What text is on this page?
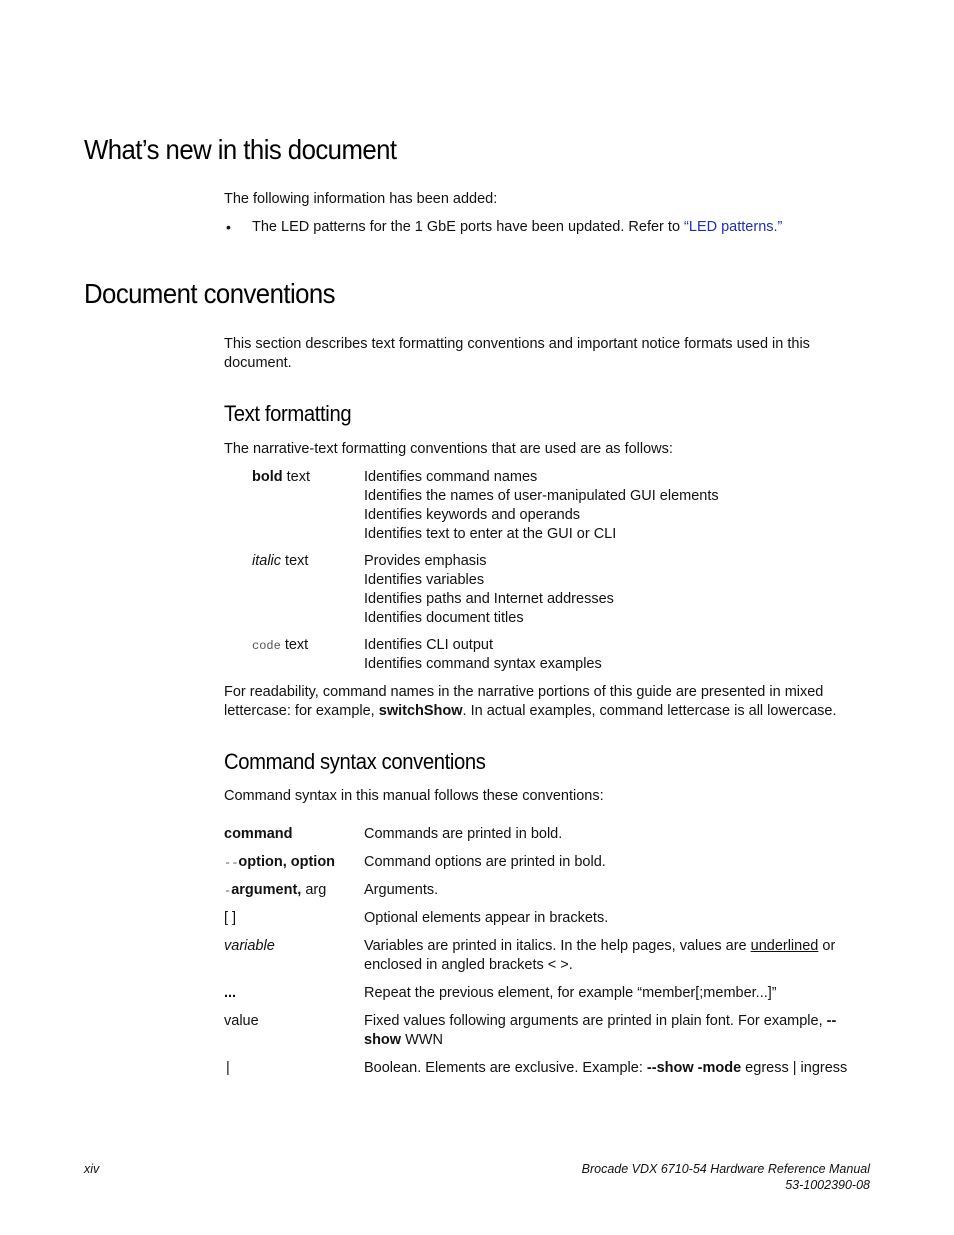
What’s new in this document

The following information has been added:

• The LED patterns for the 1 GbE ports have been updated. Refer to “LED patterns.”

Document conventions

This section describes text formatting conventions and important notice formats used in this document.

Text formatting

The narrative-text formatting conventions that are used are as follows:

bold text	Identifies command names
Identifies the names of user-manipulated GUI elements
Identifies keywords and operands
Identifies text to enter at the GUI or CLI
italic text	Provides emphasis
Identifies variables
Identifies paths and Internet addresses
Identifies document titles
code text	Identifies CLI output
Identifies command syntax examples

For readability, command names in the narrative portions of this guide are presented in mixed lettercase: for example, switchShow. In actual examples, command lettercase is all lowercase.

Command syntax conventions

Command syntax in this manual follows these conventions:

command	Commands are printed in bold.
--option, option Command options are printed in bold.
-argument, arg	Arguments.
[ ]	Optional elements appear in brackets.
variable	Variables are printed in italics. In the help pages, values are underlined or enclosed in angled brackets < >.
...	Repeat the previous element, for example “member[;member...]”
value	Fixed values following arguments are printed in plain font. For example, --show WWN
|	Boolean. Elements are exclusive. Example: --show -mode egress | ingress
xiv	Brocade VDX 6710-54 Hardware Reference Manual
53-1002390-08
